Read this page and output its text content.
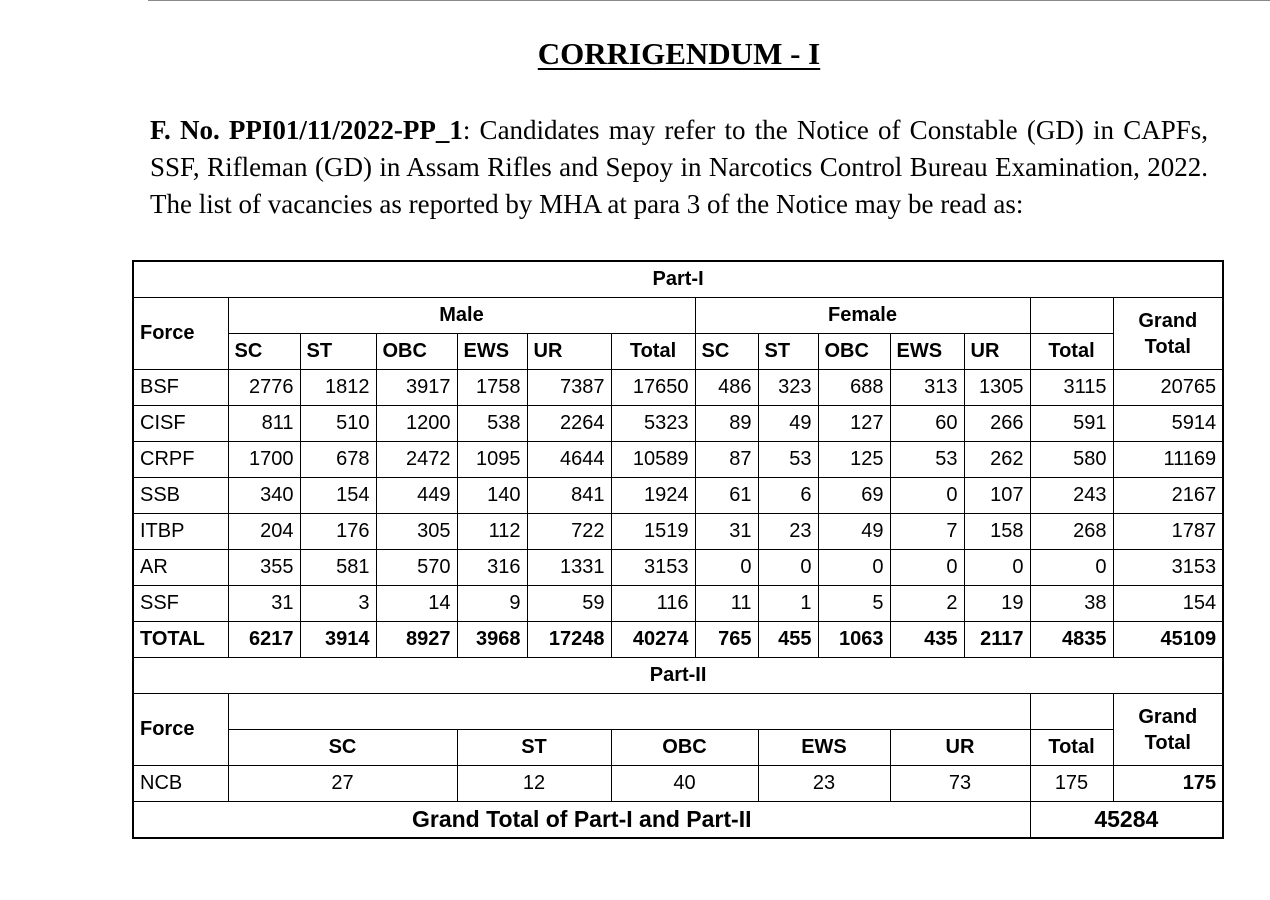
CORRIGENDUM - I
F. No. PPI01/11/2022-PP_1: Candidates may refer to the Notice of Constable (GD) in CAPFs, SSF, Rifleman (GD) in Assam Rifles and Sepoy in Narcotics Control Bureau Examination, 2022. The list of vacancies as reported by MHA at para 3 of the Notice may be read as:
Part-I													
Force	Male						Female						Grand Total
	SC	ST	OBC	EWS	UR	Total	SC	ST	OBC	EWS	UR	Total	
BSF	2776	1812	3917	1758	7387	17650	486	323	688	313	1305	3115	20765
CISF	811	510	1200	538	2264	5323	89	49	127	60	266	591	5914
CRPF	1700	678	2472	1095	4644	10589	87	53	125	53	262	580	11169
SSB	340	154	449	140	841	1924	61	6	69	0	107	243	2167
ITBP	204	176	305	112	722	1519	31	23	49	7	158	268	1787
AR	355	581	570	316	1331	3153	0	0	0	0	0	0	3153
SSF	31	3	14	9	59	116	11	1	5	2	19	38	154
TOTAL	6217	3914	8927	3968	17248	40274	765	455	1063	435	2117	4835	45109
Part-II													
Force													Grand Total
	SC			ST		OBC		EWS		UR		Total	
NCB	27			12		40		23		73		175	175
Grand Total of Part-I and Part-II												45284	
